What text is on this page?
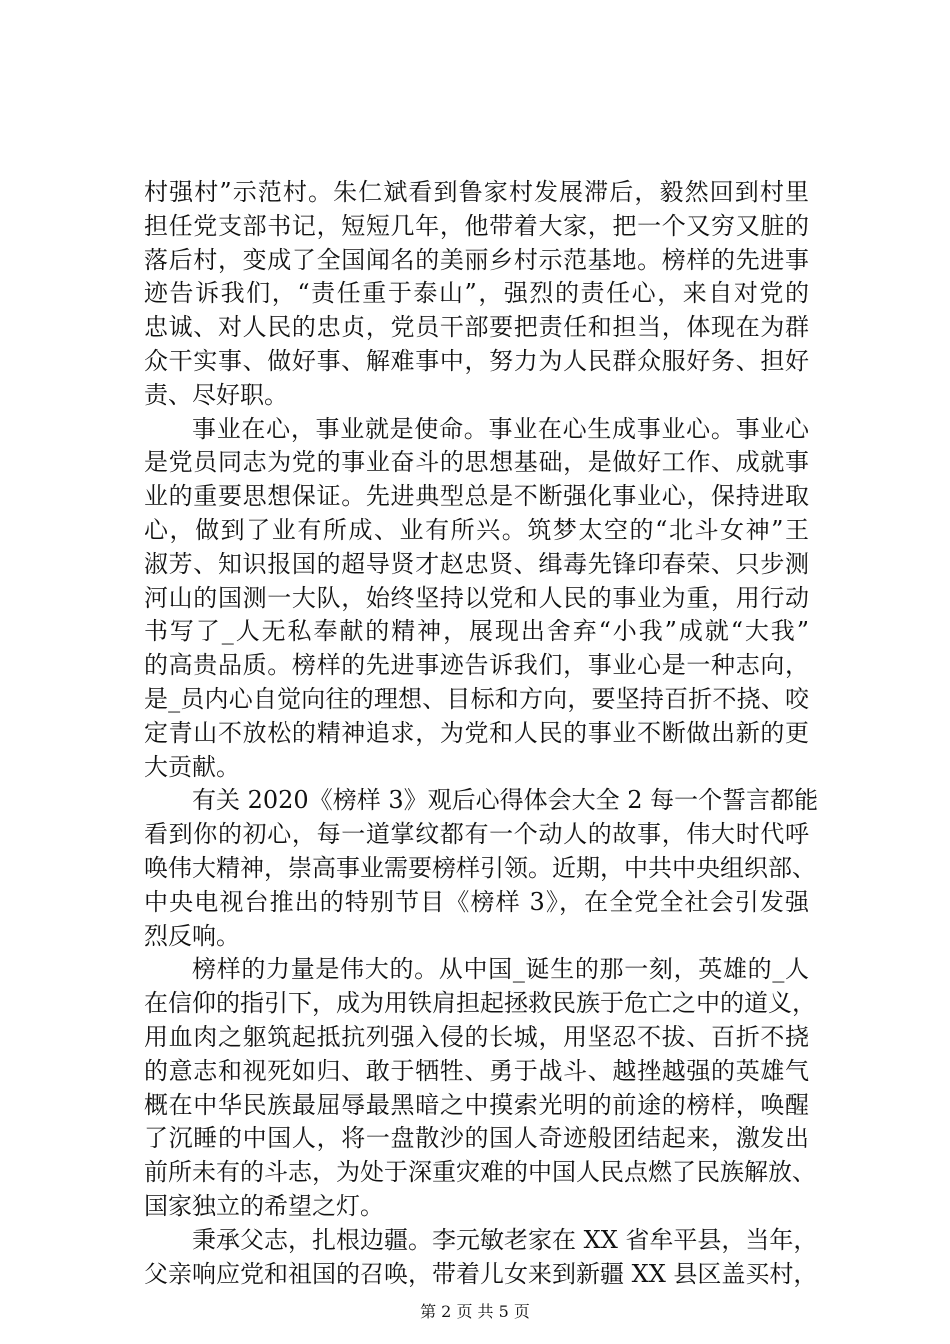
村强村”示范村。朱仁斌看到鲁家村发展滞后，毅然回到村里
担任党支部书记，短短几年，他带着大家，把一个又穷又脏的
落后村，变成了全国闻名的美丽乡村示范基地。榜样的先进事
迹告诉我们，“责任重于泰山”，强烈的责任心，来自对党的
忠诚、对人民的忠贞，党员干部要把责任和担当，体现在为群
众干实事、做好事、解难事中，努力为人民群众服好务、担好
责、尽好职。
事业在心，事业就是使命。事业在心生成事业心。事业心
是党员同志为党的事业奋斗的思想基础，是做好工作、成就事
业的重要思想保证。先进典型总是不断强化事业心，保持进取
心，做到了业有所成、业有所兴。筑梦太空的“北斗女神”王
淑芳、知识报国的超导贤才赵忠贤、缉毒先锋印春荣、只步测
河山的国测一大队，始终坚持以党和人民的事业为重，用行动
书写了_人无私奉献的精神，展现出舍弃“小我”成就“大我”
的高贵品质。榜样的先进事迹告诉我们，事业心是一种志向，
是_员内心自觉向往的理想、目标和方向，要坚持百折不挠、咬
定青山不放松的精神追求，为党和人民的事业不断做出新的更
大贡献。
有关 2020《榜样 3》观后心得体会大全 2 每一个誓言都能
看到你的初心，每一道掌纹都有一个动人的故事，伟大时代呼
唤伟大精神，崇高事业需要榜样引领。近期，中共中央组织部、
中央电视台推出的特别节目《榜样 3》，在全党全社会引发强
烈反响。
榜样的力量是伟大的。从中国_诞生的那一刻，英雄的_人
在信仰的指引下，成为用铁肩担起拯救民族于危亡之中的道义，
用血肉之躯筑起抵抗列强入侵的长城，用坚忍不拔、百折不挠
的意志和视死如归、敢于牺牲、勇于战斗、越挫越强的英雄气
概在中华民族最屈辱最黑暗之中摸索光明的前途的榜样，唤醒
了沉睡的中国人，将一盘散沙的国人奇迹般团结起来，激发出
前所未有的斗志，为处于深重灾难的中国人民点燃了民族解放、
国家独立的希望之灯。
秉承父志，扎根边疆。李元敏老家在 XX 省牟平县，当年，
父亲响应党和祖国的召唤，带着儿女来到新疆 XX 县区盖买村，
第 2 页 共 5 页
